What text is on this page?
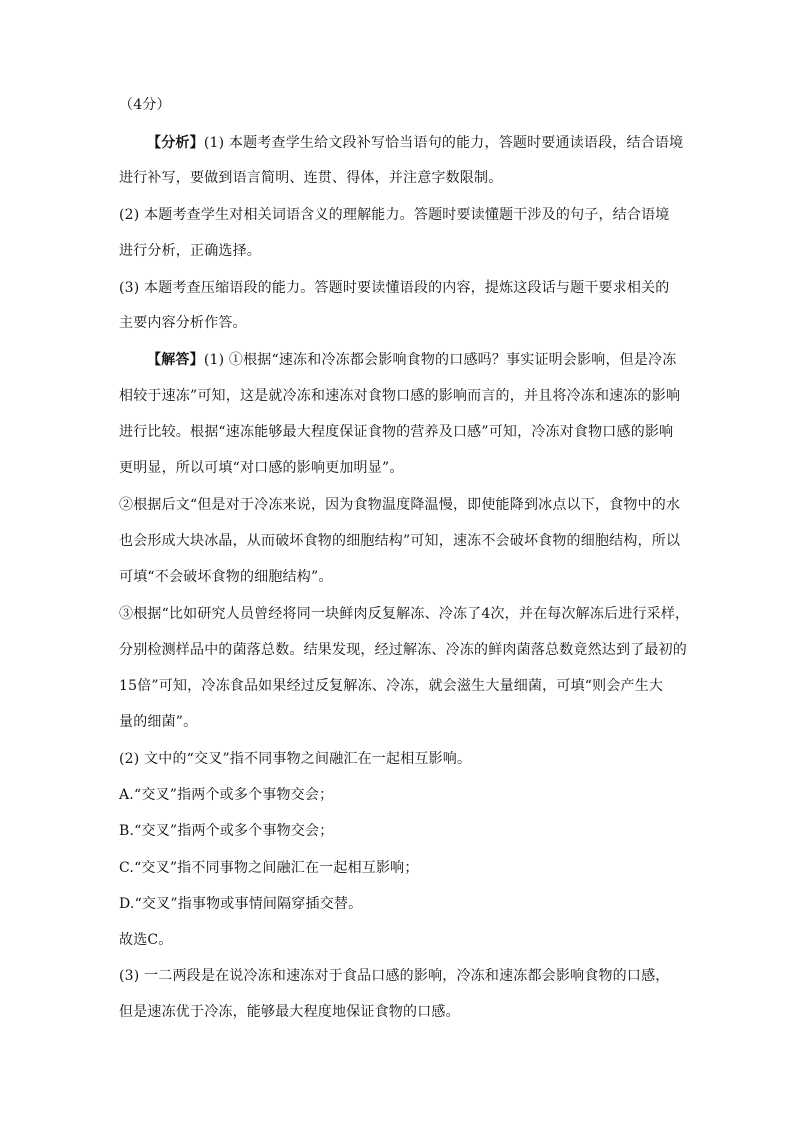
（4分）
【分析】(1) 本题考查学生给文段补写恰当语句的能力，答题时要通读语段，结合语境
进行补写，要做到语言简明、连贯、得体，并注意字数限制。
(2) 本题考查学生对相关词语含义的理解能力。答题时要读懂题干涉及的句子，结合语境
进行分析，正确选择。
(3) 本题考查压缩语段的能力。答题时要读懂语段的内容，提炼这段话与题干要求相关的
主要内容分析作答。
【解答】(1) ①根据“速冻和冷冻都会影响食物的口感吗？事实证明会影响，但是冷冻
相较于速冻”可知，这是就冷冻和速冻对食物口感的影响而言的，并且将冷冻和速冻的影响
进行比较。根据“速冻能够最大程度保证食物的营养及口感”可知，冷冻对食物口感的影响
更明显，所以可填“对口感的影响更加明显”。
②根据后文“但是对于冷冻来说，因为食物温度降温慢，即使能降到冰点以下，食物中的水
也会形成大块冰晶，从而破坏食物的细胞结构”可知，速冻不会破坏食物的细胞结构，所以
可填“不会破坏食物的细胞结构”。
③根据“比如研究人员曾经将同一块鲜肉反复解冻、冷冻了4次，并在每次解冻后进行采样，
分别检测样品中的菌落总数。结果发现，经过解冻、冷冻的鲜肉菌落总数竟然达到了最初的
15倍”可知，冷冻食品如果经过反复解冻、冷冻，就会滋生大量细菌，可填“则会产生大
量的细菌”。
(2) 文中的“交叉”指不同事物之间融汇在一起相互影响。
A.“交叉”指两个或多个事物交会；
B.“交叉”指两个或多个事物交会；
C.“交叉”指不同事物之间融汇在一起相互影响；
D.“交叉”指事物或事情间隔穿插交替。
故选C。
(3) 一二两段是在说冷冻和速冻对于食品口感的影响，冷冻和速冻都会影响食物的口感，
但是速冻优于冷冻，能够最大程度地保证食物的口感。
